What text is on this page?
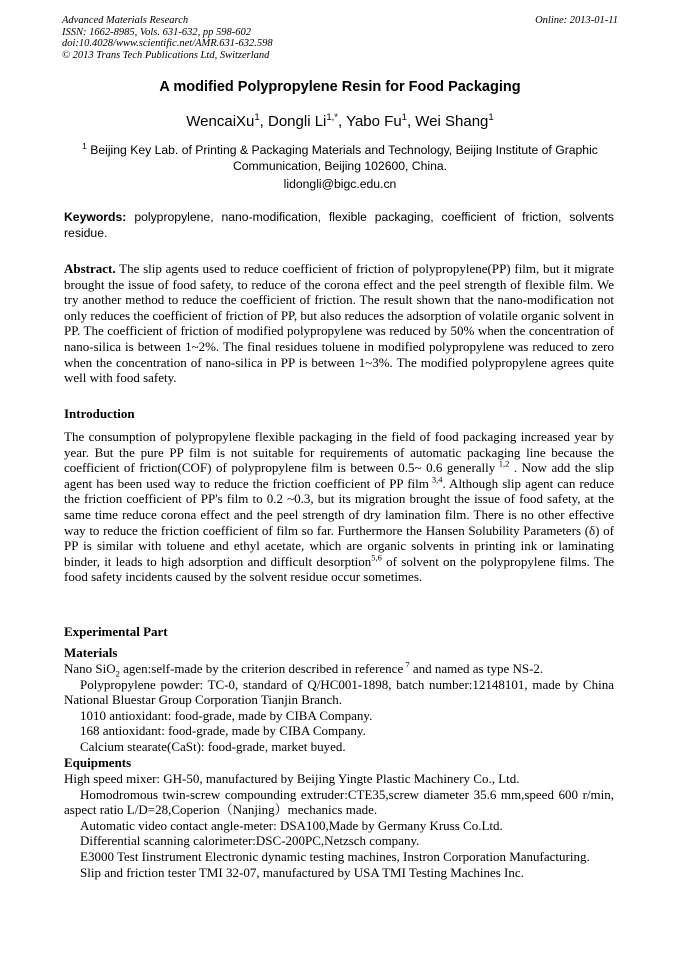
Advanced Materials Research
ISSN: 1662-8985, Vols. 631-632, pp 598-602
doi:10.4028/www.scientific.net/AMR.631-632.598
© 2013 Trans Tech Publications Ltd, Switzerland
Online: 2013-01-11
A modified Polypropylene Resin for Food Packaging
WencaiXu$^1$, Dongli $Li^{1,*}$, Yabo Fu$^1$, Wei Shang$^1$
$^1$ Beijing Key Lab. of Printing & Packaging Materials and Technology, Beijing Institute of Graphic Communication, Beijing 102600, China.
lidongli@bigc.edu.cn
Keywords: polypropylene, nano-modification, flexible packaging, coefficient of friction, solvents residue.

Abstract. The slip agents used to reduce coefficient of friction of polypropylene(PP) film, but it migrate brought the issue of food safety, to reduce of the corona effect and the peel strength of flexible film. We try another method to reduce the coefficient of friction. The result shown that the nano-modification not only reduces the coefficient of friction of PP, but also reduces the adsorption of volatile organic solvent in PP. The coefficient of friction of modified polypropylene was reduced by 50% when the concentration of nano-silica is between 1~2%. The final residues toluene in modified polypropylene was reduced to zero when the concentration of nano-silica in PP is between 1~3%. The modified polypropylene agrees quite well with food safety.

Introduction

The consumption of polypropylene flexible packaging in the field of food packaging increased year by year. But the pure PP film is not suitable for requirements of automatic packaging line because the coefficient of friction(COF) of polypropylene film is between 0.5~ 0.6 generally $^{1,2}$ . Now add the slip agent has been used way to reduce the friction coefficient of PP film $^{3,4}$. Although slip agent can reduce the friction coefficient of PP's film to 0.2 ~0.3, but its migration brought the issue of food safety, at the same time reduce corona effect and the peel strength of dry lamination film. There is no other effective way to reduce the friction coefficient of film so far. Furthermore the Hansen Solubility Parameters (δ) of PP is similar with toluene and ethyl acetate, which are organic solvents in printing ink or laminating binder, it leads to high adsorption and difficult desorption$^{5,6}$ of solvent on the polypropylene films. The food safety incidents caused by the solvent residue occur sometimes.

Experimental Part
Materials

Nano SiO$_2$ agen:self-made by the criterion described in reference $^7$ and named as type NS-2.

Polypropylene powder: TC-0, standard of Q/HC001-1898, batch number:12148101, made by China National Bluestar Group Corporation Tianjin Branch.

1010 antioxidant: food-grade, made by CIBA Company.

168 antioxidant: food-grade, made by CIBA Company.

Calcium stearate(CaSt): food-grade, market buyed.

Equipments

High speed mixer: GH-50, manufactured by Beijing Yingte Plastic Machinery Co., Ltd.

Homodromous twin-screw compounding extruder:CTE35,screw diameter 35.6 mm,speed 600 r/min, aspect ratio L/D=28,Coperion（Nanjing）mechanics made.

Automatic video contact angle-meter: DSA100,Made by Germany Kruss Co.Ltd.

Differential scanning calorimeter:DSC-200PC,Netzsch company.

E3000 Test Iinstrument Electronic dynamic testing machines, Instron Corporation Manufacturing.

Slip and friction tester TMI 32-07, manufactured by USA TMI Testing Machines Inc.
